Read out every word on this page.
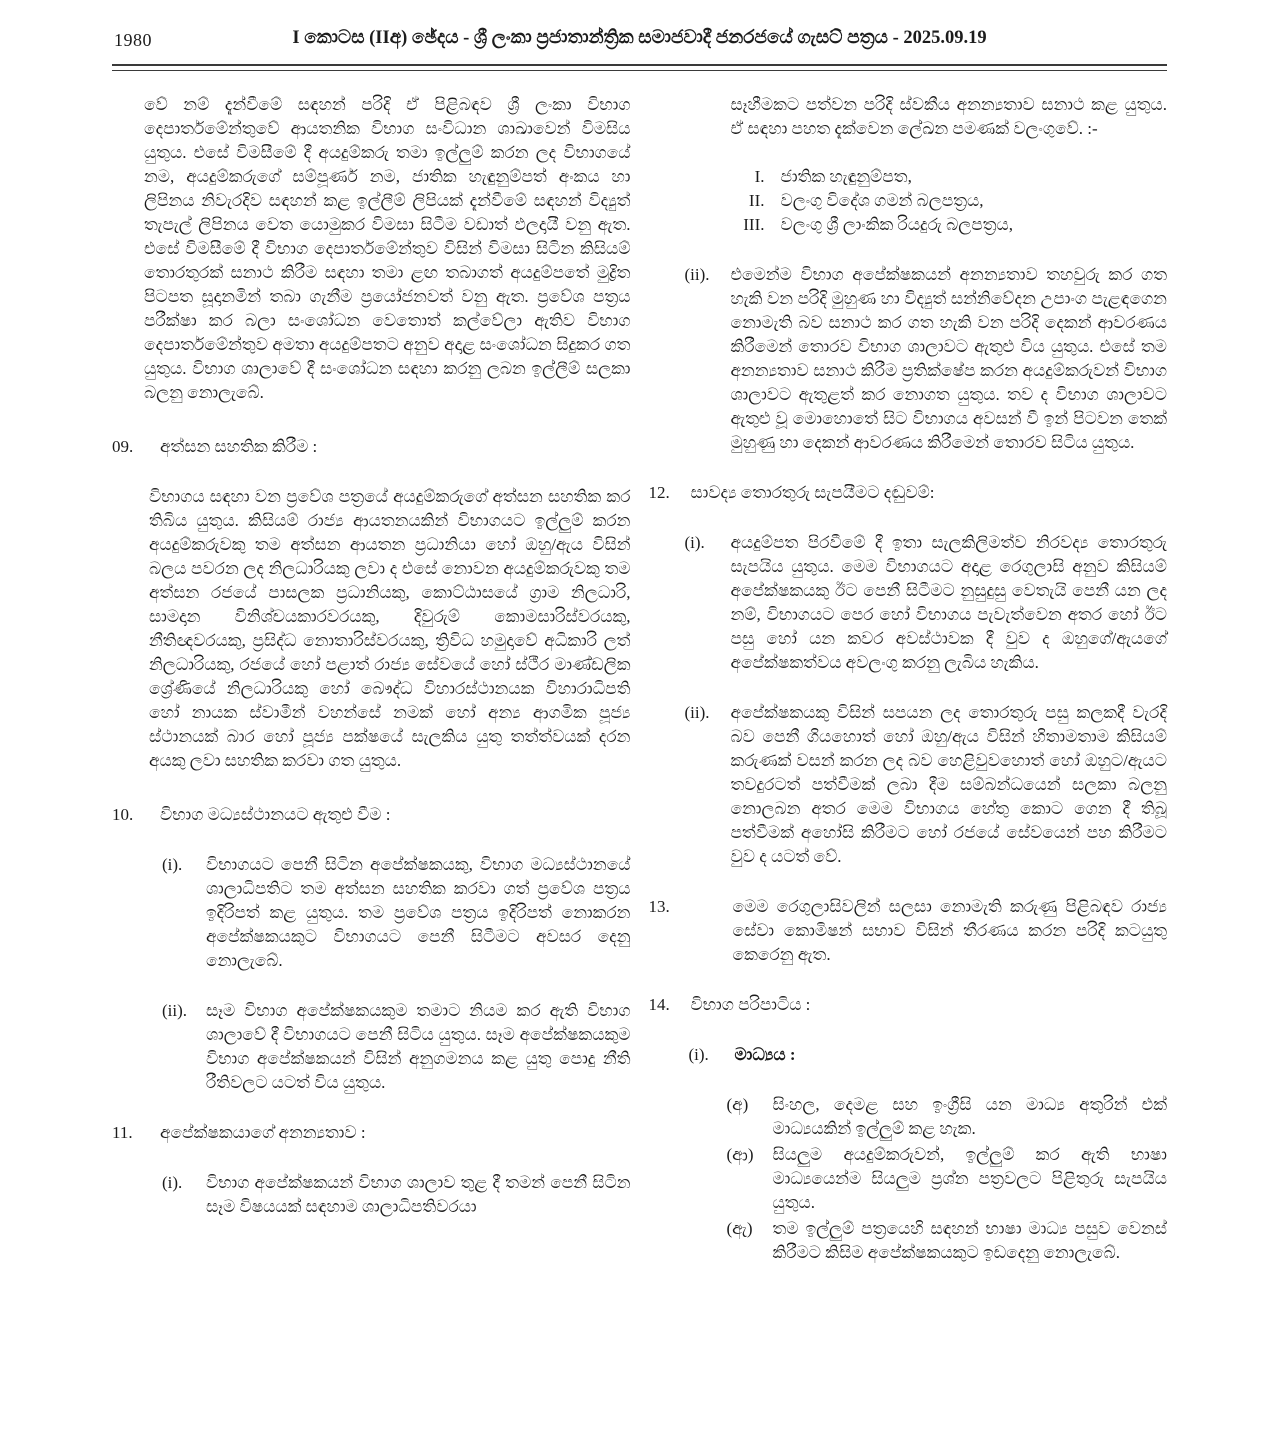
1980	I කොටස (IIඅ) ඡේදය - ශ්‍රී ලංකා ප්‍රජාතාන්ත්‍රික සමාජවාදී ජනරජයේ ගැසට් පත්‍රය - 2025.09.19
වේ නම් දැන්වීමේ සඳහන් පරිදි ඒ පිළිබඳව ශ්‍රී ලංකා විභාග දෙපාර්තමේන්තුවේ ආයතනික විභාග සංවිධාන ශාඛාවෙන් විමසිය යුතුය. එසේ විමසීමේ දී අයදුම්කරු තමා ඉල්ලුම් කරන ලද විභාගයේ නම, අයදුම්කරුගේ සම්පූර්ණ නම, ජාතික හැඳුනුම්පත් අංකය හා ලිපිනය නිවැරදිව සඳහන් කළ ඉල්ලීම් ලිපියක් දැන්වීමේ සඳහන් විද්‍යුත් තැපැල් ලිපිනය වෙත යොමුකර විමසා සිටීම වඩාත් ඵලදායී වනු ඇත. එසේ විමසීමේ දී විභාග දෙපාර්තමේන්තුව විසින් විමසා සිටින කිසියම් තොරතුරක් සනාථ කිරීම සඳහා තමා ළඟ තබාගත් අයදුම්පතේ මුද්‍රිත පිටපත සූදානමින් තබා ගැනීම ප්‍රයෝජනවත් වනු ඇත. ප්‍රවේශ පත්‍රය පරීක්ෂා කර බලා සංශෝධන වෙතොත් කල්වේලා ඇතිව විභාග දෙපාර්තමේන්තුව අමතා අයදුම්පතට අනුව අදාළ සංශෝධන සිදුකර ගත යුතුය. විභාග ශාලාවේ දී සංශෝධන සඳහා කරනු ලබන ඉල්ලීම් සලකා බලනු නොලැබේ.
09.	අත්සන සහතික කිරීම :
විභාගය සඳහා වන ප්‍රවේශ පත්‍රයේ අයදුම්කරුගේ අත්සන සහතික කර තිබිය යුතුය. කිසියම් රාජ්‍ය ආයතනයකින් විභාගයට ඉල්ලුම් කරන අයදුම්කරුවකු තම අත්සන ආයතන ප්‍රධානියා හෝ ඔහු/ඇය විසින් බලය පවරන ලද නිලධාරියකු ලවා ද එසේ නොවන අයදුම්කරුවකු තම අත්සන රජයේ පාසලක ප්‍රධානියකු, කොට්ඨාසයේ ග්‍රාම නිලධාරි, සාමදාන විනිශ්චයකාරවරයකු, දිවුරුම් කොමසාරිස්වරයකු, නීතිඥවරයකු, ප්‍රසිද්ධ නොතාරිස්වරයකු, ත්‍රිවිධ හමුදාවේ අධිකාරි ලත් නිලධාරියකු, රජයේ හෝ පළාත් රාජ්‍ය සේවයේ හෝ ස්ථීර මාණ්ඩලික ශ්‍රේණියේ නිලධාරියකු හෝ බෞද්ධ විහාරස්ථානයක විහාරාධිපති හෝ නායක ස්වාමීන් වහන්සේ නමක් හෝ අන්‍ය ආගමික පූජ්‍ය ස්ථානයක් බාර හෝ පූජ්‍ය පක්ෂයේ සැලකිය යුතු තත්ත්වයක් දරන අයකු ලවා සහතික කරවා ගත යුතුය.
10.	විභාග මධ්‍යස්ථානයට ඇතුළු වීම :
(i).	විභාගයට පෙනී සිටින අපේක්ෂකයකු, විභාග මධ්‍යස්ථානයේ ශාලාධිපතිට තම අත්සන සහතික කරවා ගත් ප්‍රවේශ පත්‍රය ඉදිරිපත් කළ යුතුය. තම ප්‍රවේශ පත්‍රය ඉදිරිපත් නොකරන අපේක්ෂකයකුට විභාගයට පෙනී සිටීමට අවසර දෙනු නොලැබේ.
(ii).	සෑම විභාග අපේක්ෂකයකුම තමාට නියම කර ඇති විභාග ශාලාවේ දී විභාගයට පෙනී සිටිය යුතුය. සෑම අපේක්ෂකයකුම විභාග අපේක්ෂකයන් විසින් අනුගමනය කළ යුතු පොදු නීති රීතිවලට යටත් විය යුතුය.
11.	අපේක්ෂකයාගේ අනන්‍යතාව :
(i).	විභාග අපේක්ෂකයන් විභාග ශාලාව තුළ දී තමන් පෙනී සිටින සෑම විෂයයක් සඳහාම ශාලාධිපතිවරයා
සෑහීමකට පත්වන පරිදි ස්වකීය අනන්‍යතාව සනාථ කළ යුතුය. ඒ සඳහා පහත දැක්වෙන ලේඛන පමණක් වලංගුවේ. :-
I. ජාතික හැඳුනුම්පත,
II. වලංගු විදේශ ගමන් බලපත්‍රය,
III. වලංගු ශ්‍රී ලාංකික රියදුරු බලපත්‍රය,
(ii).	එමෙන්ම විභාග අපේක්ෂකයන් අනන්‍යතාව තහවුරු කර ගත හැකි වන පරිදි මුහුණ හා විද්‍යුත් සන්නිවේදන උපාංග පැළඳගෙන නොමැති බව සනාථ කර ගත හැකි වන පරිදි දෙකන් ආවරණය කිරීමෙන් තොරව විභාග ශාලාවට ඇතුළු විය යුතුය. එසේ තම අනන්‍යතාව සනාථ කිරීම ප්‍රතික්ෂේප කරන අයදුම්කරුවන් විභාග ශාලාවට ඇතුළත් කර නොගත යුතුය. තව ද විභාග ශාලාවට ඇතුළු වූ මොහොතේ සිට විභාගය අවසන් වී ඉන් පිටවන තෙක් මුහුණු හා දෙකන් ආවරණය කිරීමෙන් තොරව සිටිය යුතුය.
12.	සාවද්‍ය තොරතුරු සැපයීමට දඬුවම්:
(i).	අයදුම්පත පිරවීමේ දී ඉතා සැලකිලිමත්ව නිරවද්‍ය තොරතුරු සැපයිය යුතුය. මෙම විභාගයට අදාළ රෙගුලාසි අනුව කිසියම් අපේක්ෂකයකු ඊට පෙනී සිටීමට නුසුදුසු වෙතැයි පෙනී යන ලද නම්, විභාගයට පෙර හෝ විභාගය පැවැත්වෙන අතර හෝ ඊට පසු හෝ යන කවර අවස්ථාවක දී වුව ද ඔහුගේ/ඇයගේ අපේක්ෂකත්වය අවලංගු කරනු ලැබිය හැකිය.
(ii).	අපේක්ෂකයකු විසින් සපයන ලද තොරතුරු පසු කලකදී වැරදි බව පෙනී ගියහොත් හෝ ඔහු/ඇය විසින් හිතාමතාම කිසියම් කරුණක් වසන් කරන ලද බව හෙළිවුවහොත් හෝ ඔහුට/ඇයට තවදුරටත් පත්වීමක් ලබා දීම සම්බන්ධයෙන් සලකා බලනු නොලබන අතර මෙම විභාගය හේතු කොට ගෙන දී තිබූ පත්වීමක් අහෝසි කිරීමට හෝ රජයේ සේවයෙන් පහ කිරීමට වුව ද යටත් වේ.
13.	මෙම රෙගුලාසිවලින් සලසා නොමැති කරුණු පිළිබඳව රාජ්‍ය සේවා කොමිෂන් සභාව විසින් තීරණය කරන පරිදි කටයුතු කෙරෙනු ඇත.
14.	විභාග පරිපාටිය :
(i).	මාධ්‍යය :
(අ)	සිංහල, දෙමළ සහ ඉංග්‍රීසි යන මාධ්‍ය අතුරින් එක් මාධ්‍යයකින් ඉල්ලුම් කළ හැක.
(ආ)	සියලුම අයදුම්කරුවන්, ඉල්ලුම් කර ඇති භාෂා මාධ්‍යයෙන්ම සියලුම ප්‍රශ්න පත්‍රවලට පිළිතුරු සැපයිය යුතුය.
(ඇ)	තම ඉල්ලුම් පත්‍රයෙහි සඳහන් භාෂා මාධ්‍ය පසුව වෙනස් කිරීමට කිසිම අපේක්ෂකයකුට ඉඩදෙනු නොලැබේ.
